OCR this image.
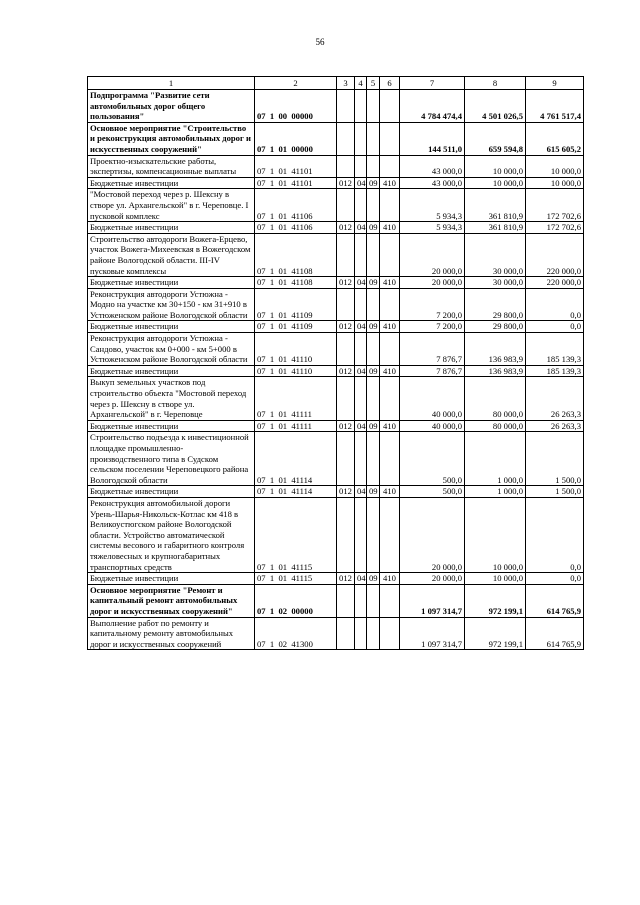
56
1	2	3	4	5	6	7	8	9
Подпрограмма "Развитие сети автомобильных дорог общего пользования"	07  1  00  00000					4 784 474,4	4 501 026,5	4 761 517,4
Основное мероприятие "Строительство и реконструкция автомобильных дорог и искусственных сооружений"	07  1  01  00000					144 511,0	659 594,8	615 605,2
Проектно-изыскательские работы, экспертизы, компенсационные выплаты	07  1  01  41101					43 000,0	10 000,0	10 000,0
Бюджетные инвестиции	07  1  01  41101	012	04	09	410	43 000,0	10 000,0	10 000,0
"Мостовой переход через р. Шексну в створе ул. Архангельской" в г. Череповце. I пусковой комплекс	07  1  01  41106					5 934,3	361 810,9	172 702,6
Бюджетные инвестиции	07  1  01  41106	012	04	09	410	5 934,3	361 810,9	172 702,6
Строительство автодороги Вожега-Ерцево, участок Вожега-Михеевская в Вожегодском районе Вологодской области. III-IV пусковые комплексы	07  1  01  41108					20 000,0	30 000,0	220 000,0
Бюджетные инвестиции	07  1  01  41108	012	04	09	410	20 000,0	30 000,0	220 000,0
Реконструкция автодороги Устюжна - Модно на участке км 30+150 - км 31+910 в Устюженском районе Вологодской области	07  1  01  41109					7 200,0	29 800,0	0,0
Бюджетные инвестиции	07  1  01  41109	012	04	09	410	7 200,0	29 800,0	0,0
Реконструкция автодороги Устюжна - Сандово, участок км 0+000 - км 5+000 в Устюженском районе Вологодской области	07  1  01  41110					7 876,7	136 983,9	185 139,3
Бюджетные инвестиции	07  1  01  41110	012	04	09	410	7 876,7	136 983,9	185 139,3
Выкуп земельных участков под строительство объекта "Мостовой переход через р. Шексну в створе ул. Архангельской" в г. Череповце	07  1  01  41111					40 000,0	80 000,0	26 263,3
Бюджетные инвестиции	07  1  01  41111	012	04	09	410	40 000,0	80 000,0	26 263,3
Строительство подъезда к инвестиционной площадке промышленно-производственного типа в Судском сельском поселении Череповецкого района Вологодской области	07  1  01  41114					500,0	1 000,0	1 500,0
Бюджетные инвестиции	07  1  01  41114	012	04	09	410	500,0	1 000,0	1 500,0
Реконструкция автомобильной дороги Урень-Шарья-Никольск-Котлас км 418 в Великоустюгском районе Вологодской области. Устройство автоматической системы весового и габаритного контроля тяжеловесных и крупногабаритных транспортных средств	07  1  01  41115					20 000,0	10 000,0	0,0
Бюджетные инвестиции	07  1  01  41115	012	04	09	410	20 000,0	10 000,0	0,0
Основное мероприятие "Ремонт и капитальный ремонт автомобильных дорог и искусственных сооружений"	07  1  02  00000					1 097 314,7	972 199,1	614 765,9
Выполнение работ по ремонту и капитальному ремонту автомобильных дорог и искусственных сооружений	07  1  02  41300					1 097 314,7	972 199,1	614 765,9
